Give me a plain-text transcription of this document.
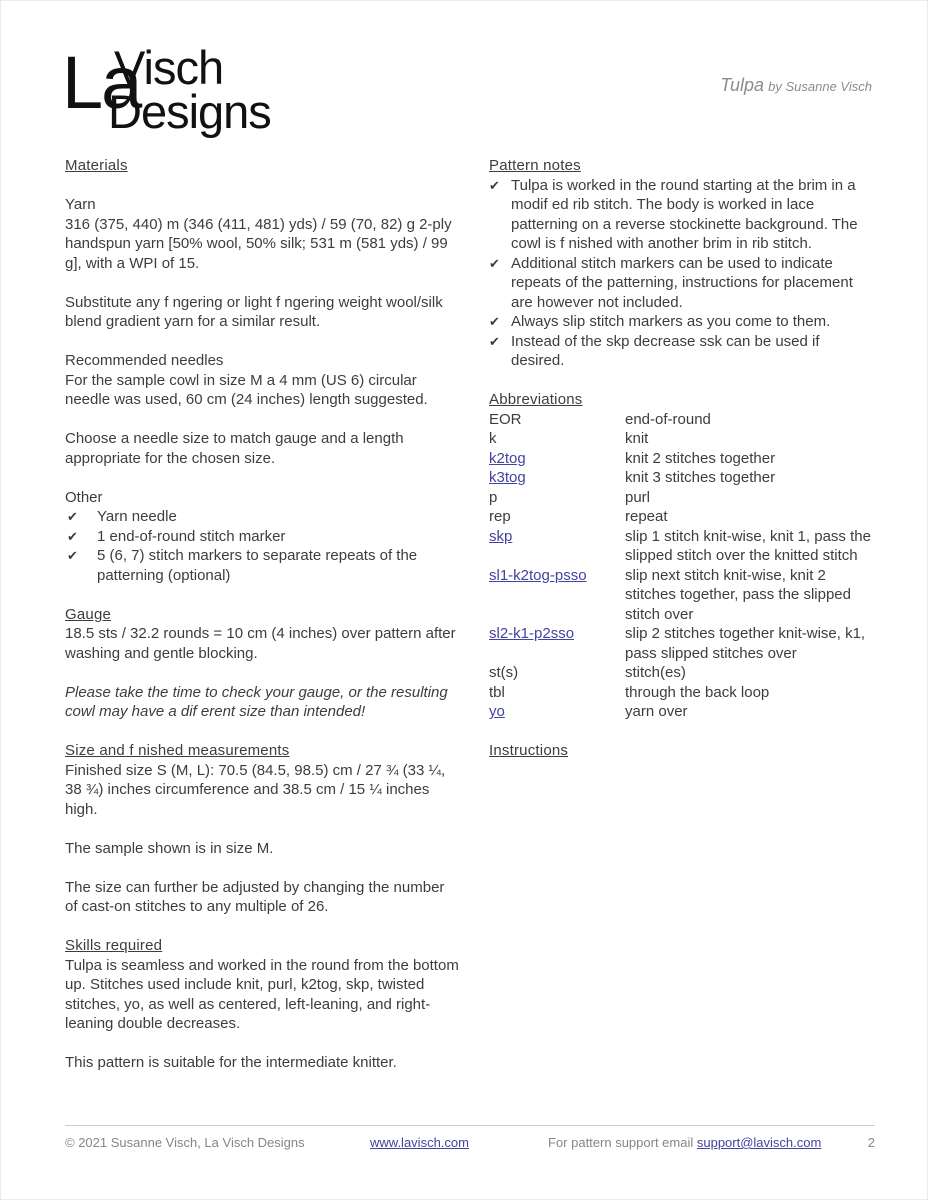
La
Visch
Designs	Tulpa by Susanne Visch
Materials
Yarn
316 (375, 440) m (346 (411, 481) yds) / 59 (70, 82) g 2-ply handspun yarn [50% wool, 50% silk; 531 m (581 yds) / 99 g], with a WPI of 15.
Substitute any f ngering or light f ngering weight wool/silk blend gradient yarn for a similar result.
Recommended needles
For the sample cowl in size M a 4 mm (US 6) circular needle was used, 60 cm (24 inches) length suggested.
Choose a needle size to match gauge and a length appropriate for the chosen size.
Other
✔ Yarn needle
✔ 1 end-of-round stitch marker
✔ 5 (6, 7) stitch markers to separate repeats of the patterning (optional)
Gauge
18.5 sts / 32.2 rounds = 10 cm (4 inches) over pattern after washing and gentle blocking.
Please take the time to check your gauge, or the resulting cowl may have a dif erent size than intended!
Size and f nished measurements
Finished size S (M, L): 70.5 (84.5, 98.5) cm / 27 ¾ (33 ¼, 38 ¾) inches circumference and 38.5 cm / 15 ¼ inches high.
The sample shown is in size M.
The size can further be adjusted by changing the number of cast-on stitches to any multiple of 26.
Skills required
Tulpa is seamless and worked in the round from the bottom up. Stitches used include knit, purl, k2tog, skp, twisted stitches, yo, as well as centered, left-leaning, and right-leaning double decreases.
This pattern is suitable for the intermediate knitter.
Pattern notes
✔ Tulpa is worked in the round starting at the brim in a modif ed rib stitch. The body is worked in lace patterning on a reverse stockinette background. The cowl is f nished with another brim in rib stitch.
✔ Additional stitch markers can be used to indicate repeats of the patterning, instructions for placement are however not included.
✔ Always slip stitch markers as you come to them.
✔ Instead of the skp decrease ssk can be used if desired.
Abbreviations
EOR	end-of-round
k	knit
k2tog	knit 2 stitches together
k3tog	knit 3 stitches together
p	purl
rep	repeat
skp	slip 1 stitch knit-wise, knit 1, pass the slipped stitch over the knitted stitch
sl1-k2tog-psso	slip next stitch knit-wise, knit 2 stitches together, pass the slipped stitch over
sl2-k1-p2sso	slip 2 stitches together knit-wise, k1, pass slipped stitches over
st(s)	stitch(es)
tbl	through the back loop
yo	yarn over
Instructions
© 2021 Susanne Visch, La Visch Designs	www.lavisch.com	For pattern support email support@lavisch.com	2
